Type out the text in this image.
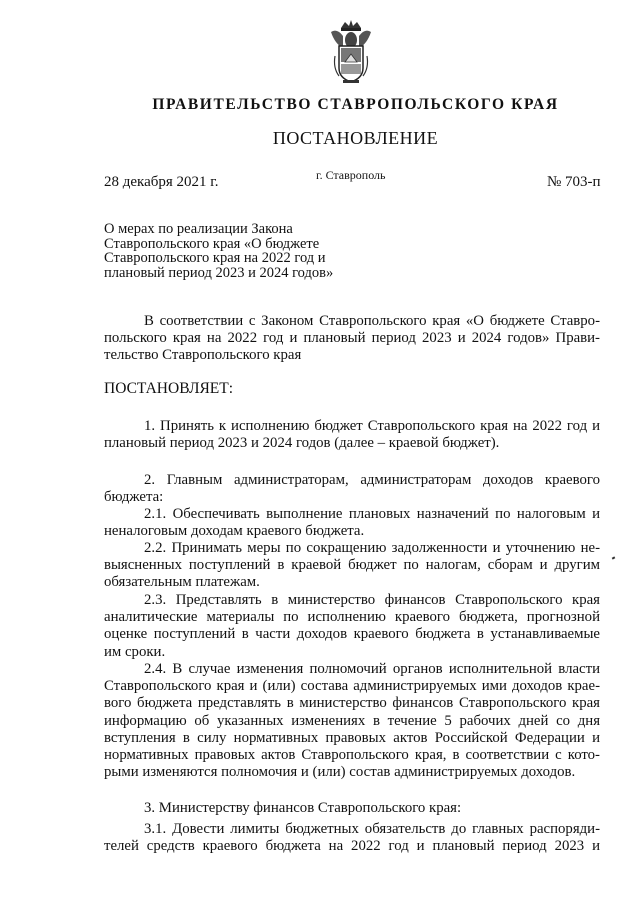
ПРАВИТЕЛЬСТВО СТАВРОПОЛЬСКОГО КРАЯ
ПОСТАНОВЛЕНИЕ
28 декабря 2021 г.	г. Ставрополь	№ 703-п
О мерах по реализации Закона
Ставропольского края «О бюджете
Ставропольского края на 2022 год и
плановый период 2023 и 2024 годов»
В соответствии с Законом Ставропольского края «О бюджете Ставро-
польского края на 2022 год и плановый период 2023 и 2024 годов» Прави-
тельство Ставропольского края
ПОСТАНОВЛЯЕТ:
1. Принять к исполнению бюджет Ставропольского края на 2022 год и
плановый период 2023 и 2024 годов (далее – краевой бюджет).
2. Главным администраторам, администраторам доходов краевого
бюджета:
2.1. Обеспечивать выполнение плановых назначений по налоговым и
неналоговым доходам краевого бюджета.
2.2. Принимать меры по сокращению задолженности и уточнению не-
выясненных поступлений в краевой бюджет по налогам, сборам и другим
обязательным платежам.
2.3. Представлять в министерство финансов Ставропольского края
аналитические материалы по исполнению краевого бюджета, прогнозной
оценке поступлений в части доходов краевого бюджета в устанавливаемые
им сроки.
2.4. В случае изменения полномочий органов исполнительной власти
Ставропольского края и (или) состава администрируемых ими доходов крае-
вого бюджета представлять в министерство финансов Ставропольского края
информацию об указанных изменениях в течение 5 рабочих дней со дня
вступления в силу нормативных правовых актов Российской Федерации и
нормативных правовых актов Ставропольского края, в соответствии с кото-
рыми изменяются полномочия и (или) состав администрируемых доходов.
3. Министерству финансов Ставропольского края:
3.1. Довести лимиты бюджетных обязательств до главных распоряди-
телей средств краевого бюджета на 2022 год и плановый период 2023 и
